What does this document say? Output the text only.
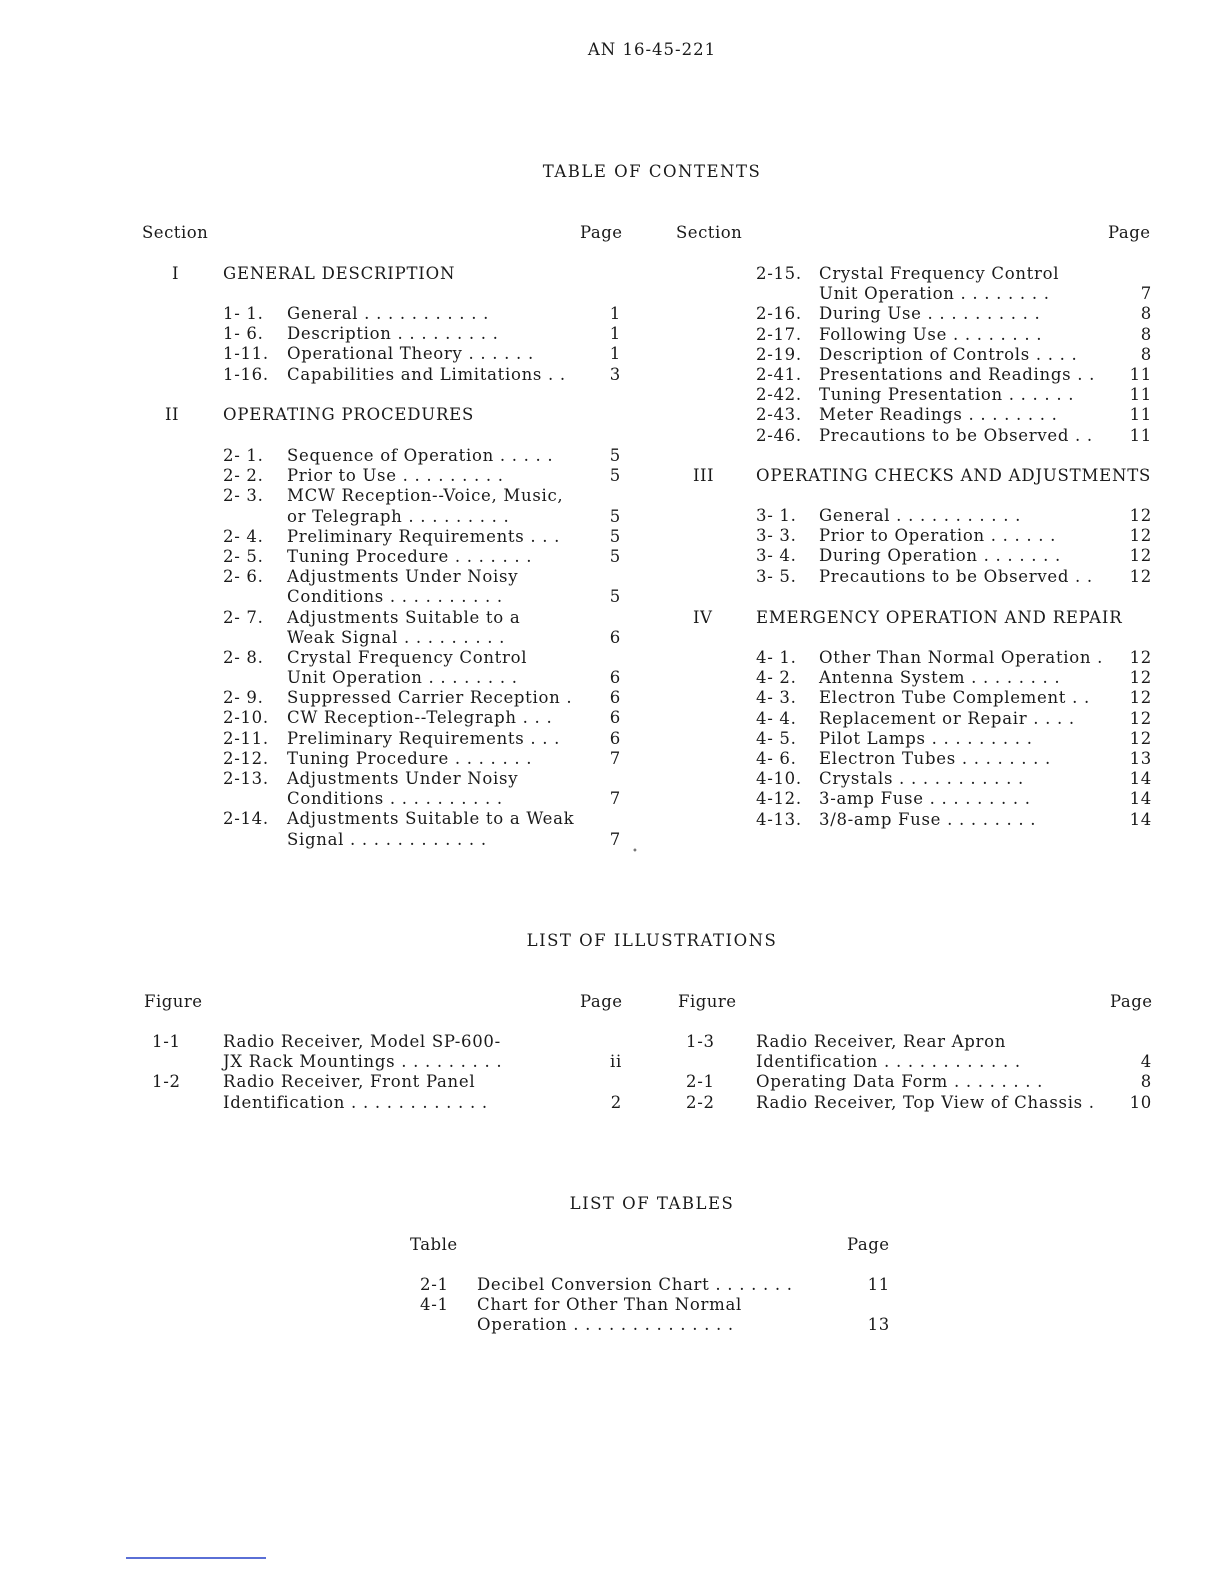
AN 16-45-221
TABLE OF CONTENTS
Section	Page	Section	Page
I	GENERAL DESCRIPTION
1- 1. General . . . . . . . . . . .	1
1- 6. Description . . . . . . . . .	1
1-11. Operational Theory . . . . . .	1
1-16. Capabilities and Limitations . .	3
II	OPERATING PROCEDURES
2- 1. Sequence of Operation . . . . .	5
2- 2. Prior to Use . . . . . . . . .	5
2- 3. MCW Reception--Voice, Music,
or Telegraph . . . . . . . . .	5
2- 4. Preliminary Requirements . . .	5
2- 5. Tuning Procedure . . . . . . .	5
2- 6. Adjustments Under Noisy
Conditions . . . . . . . . . .	5
2- 7. Adjustments Suitable to a
Weak Signal . . . . . . . . .	6
2- 8. Crystal Frequency Control
Unit Operation . . . . . . . .	6
2- 9. Suppressed Carrier Reception .	6
2-10. CW Reception--Telegraph . . .	6
2-11. Preliminary Requirements . . .	6
2-12. Tuning Procedure . . . . . . .	7
2-13. Adjustments Under Noisy
Conditions . . . . . . . . . .	7
2-14. Adjustments Suitable to a Weak
Signal . . . . . . . . . . . .	7
2-15. Crystal Frequency Control
Unit Operation . . . . . . . .	7
2-16. During Use . . . . . . . . . .	8
2-17. Following Use . . . . . . . .	8
2-19. Description of Controls . . . .	8
2-41. Presentations and Readings . .	11
2-42. Tuning Presentation . . . . . .	11
2-43. Meter Readings . . . . . . . .	11
2-46. Precautions to be Observed . .	11
III	OPERATING CHECKS AND ADJUSTMENTS
3- 1. General . . . . . . . . . . .	12
3- 3. Prior to Operation . . . . . .	12
3- 4. During Operation . . . . . . .	12
3- 5. Precautions to be Observed . .	12
IV	EMERGENCY OPERATION AND REPAIR
4- 1. Other Than Normal Operation .	12
4- 2. Antenna System . . . . . . . .	12
4- 3. Electron Tube Complement . .	12
4- 4. Replacement or Repair . . . .	12
4- 5. Pilot Lamps . . . . . . . . .	12
4- 6. Electron Tubes . . . . . . . .	13
4-10. Crystals . . . . . . . . . . .	14
4-12. 3-amp Fuse . . . . . . . . .	14
4-13. 3/8-amp Fuse . . . . . . . .	14
•
LIST OF ILLUSTRATIONS
Figure	Page	Figure	Page
1-1	Radio Receiver, Model SP-600-
JX Rack Mountings . . . . . . . . .	ii
1-2	Radio Receiver, Front Panel
Identification . . . . . . . . . . . .	2
1-3	Radio Receiver, Rear Apron
Identification . . . . . . . . . . . .	4
2-1	Operating Data Form . . . . . . . .	8
2-2	Radio Receiver, Top View of Chassis .	10
LIST OF TABLES
Table	Page
2-1 Decibel Conversion Chart . . . . . . .	11
4-1 Chart for Other Than Normal
Operation . . . . . . . . . . . . . .	13
